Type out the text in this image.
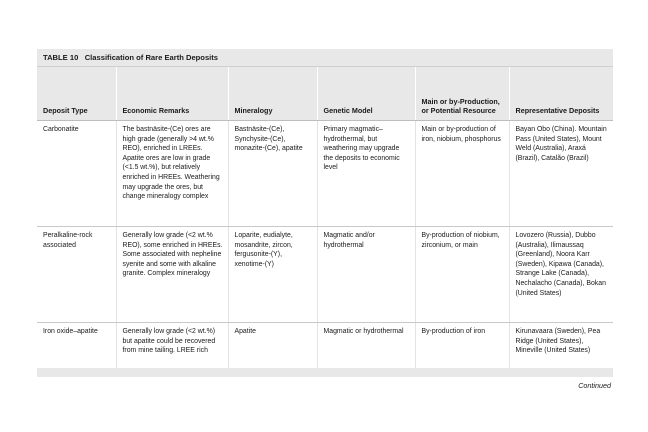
TABLE 10 Classification of Rare Earth Deposits
Deposit Type	Economic Remarks	Mineralogy	Genetic Model	Main or by-Production, or Potential Resource	Representative Deposits
Carbonatite	The bastnäsite-(Ce) ores are high grade (generally >4 wt.% REO), enriched in LREEs. Apatite ores are low in grade (<1.5 wt.%), but relatively enriched in HREEs. Weathering may upgrade the ores, but change mineralogy complex	Bastnäsite-(Ce), Synchysite-(Ce), monazite-(Ce), apatite	Primary magmatic–hydrothermal, but weathering may upgrade the deposits to economic level	Main or by-production of iron, niobium, phosphorus	Bayan Obo (China). Mountain Pass (United States), Mount Weld (Australia), Araxá (Brazil), Catalão (Brazil)
Peralkaline-rock associated	Generally low grade (<2 wt.% REO), some enriched in HREEs. Some associated with nepheline syenite and some with alkaline granite. Complex mineralogy	Loparite, eudialyte, mosandrite, zircon, fergusonite-(Y), xenotime-(Y)	Magmatic and/or hydrothermal	By-production of niobium, zirconium, or main	Lovozero (Russia), Dubbo (Australia), Ilimaussaq (Greenland), Noora Karr (Sweden), Kipawa (Canada), Strange Lake (Canada), Nechalacho (Canada), Bokan (United States)
Iron oxide–apatite	Generally low grade (<2 wt.%) but apatite could be recovered from mine tailing. LREE rich	Apatite	Magmatic or hydrothermal	By-production of iron	Kirunavaara (Sweden), Pea Ridge (United States), Mineville (United States)
Continued
